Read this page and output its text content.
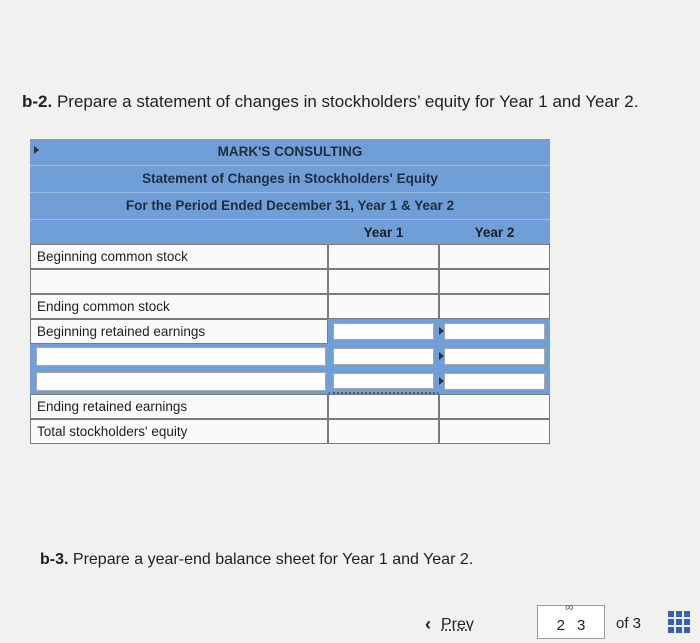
b-2. Prepare a statement of changes in stockholders’ equity for Year 1 and Year 2.
MARK'S CONSULTING
Statement of Changes in Stockholders' Equity
For the Period Ended December 31, Year 1 & Year 2
Year 1	Year 2
Beginning common stock
Ending common stock
Beginning retained earnings
Ending retained earnings
Total stockholders' equity
b-3. Prepare a year-end balance sheet for Year 1 and Year 2.
‹ Prev	2 3
∞
of 3
